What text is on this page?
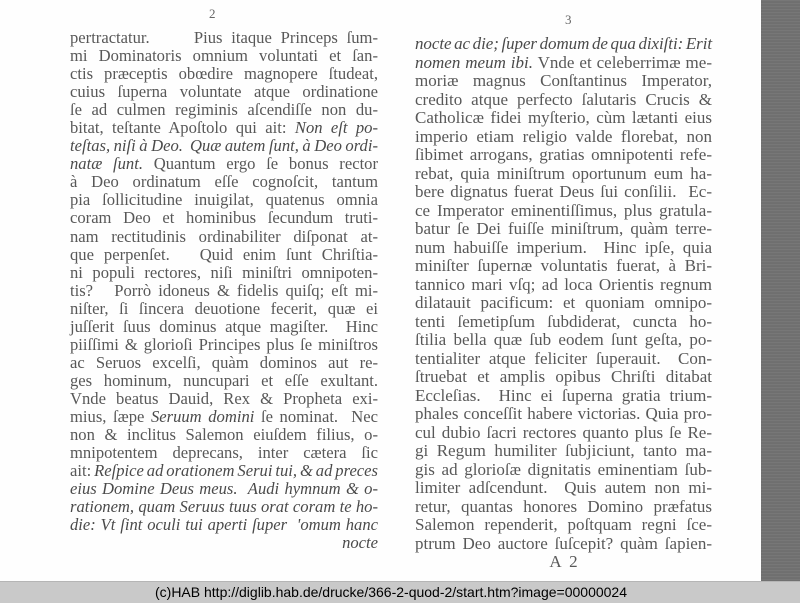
2	3
pertractatur.     Pius itaque Princeps ſum-
mi Dominatoris omnium voluntati et ſan-
ctis præceptis obœdire magnopere ſtudeat,
cuius ſuperna voluntate atque ordinatione
ſe ad culmen regiminis aſcendiſſe non du-
bitat, teſtante Apoſtolo qui ait: Non eſt po-
teſtas, niſi à Deo.  Quæ autem ſunt, à Deo ordi-
natæ ſunt. Quantum ergo ſe bonus rector
à Deo ordinatum eſſe cognoſcit, tantum
pia ſollicitudine inuigilat, quatenus omnia
coram Deo et hominibus ſecundum truti-
nam rectitudinis ordinabiliter diſponat at-
que perpenſet.   Quid enim ſunt Chriſtia-
ni populi rectores, niſi miniſtri omnipoten-
tis?   Porrò idoneus & fidelis quiſq; eſt mi-
niſter, ſi ſincera deuotione fecerit, quæ ei
juſſerit ſuus dominus atque magiſter.  Hinc
piiſſimi & glorioſi Principes plus ſe miniſtros
ac Seruos excelſi, quàm dominos aut re-
ges hominum, nuncupari et eſſe exultant.
Vnde beatus Dauid, Rex & Propheta exi-
mius, ſæpe Seruum domini ſe nominat.  Nec
non & inclitus Salemon eiuſdem filius, o-
mnipotentem deprecans, inter cætera ſic
ait: Reſpice ad orationem Serui tui, & ad preces
eius Domine Deus meus.  Audi hymnum & o-
rationem, quam Seruus tuus orat coram te ho-
die: Vt ſint oculi tui aperti ſuper  'omum hanc
nocte
nocte ac die; ſuper domum de qua dixiſti: Erit
nomen meum ibi. Vnde et celeberrimæ me-
moriæ magnus Conſtantinus Imperator,
credito atque perfecto ſalutaris Crucis &
Catholicæ fidei myſterio, cùm lætanti eius
imperio etiam religio valde florebat, non
ſibimet arrogans, gratias omnipotenti refe-
rebat, quia miniſtrum oportunum eum ha-
bere dignatus fuerat Deus ſui conſilii.  Ec-
ce Imperator eminentiſſimus, plus gratula-
batur ſe Dei fuiſſe miniſtrum, quàm terre-
num habuiſſe imperium.  Hinc ipſe, quia
miniſter ſupernæ voluntatis fuerat, à Bri-
tannico mari vſq; ad loca Orientis regnum
dilatauit pacificum: et quoniam omnipo-
tenti ſemetipſum ſubdiderat, cuncta ho-
ſtilia bella quæ ſub eodem ſunt geſta, po-
tentialiter atque feliciter ſuperauit.  Con-
ſtruebat et amplis opibus Chriſti ditabat
Eccleſias.  Hinc ei ſuperna gratia trium-
phales conceſſit habere victorias. Quia pro-
cul dubio ſacri rectores quanto plus ſe Re-
gi Regum humiliter ſubjiciunt, tanto ma-
gis ad glorioſæ dignitatis eminentiam ſub-
limiter adſcendunt.  Quis autem non mi-
retur, quantas honores Domino præfatus
Salemon rependerit, poſtquam regni ſce-
ptrum Deo auctore ſuſcepit? quàm ſapien-
A  2
(c)HAB http://diglib.hab.de/drucke/366-2-quod-2/start.htm?image=00000024
